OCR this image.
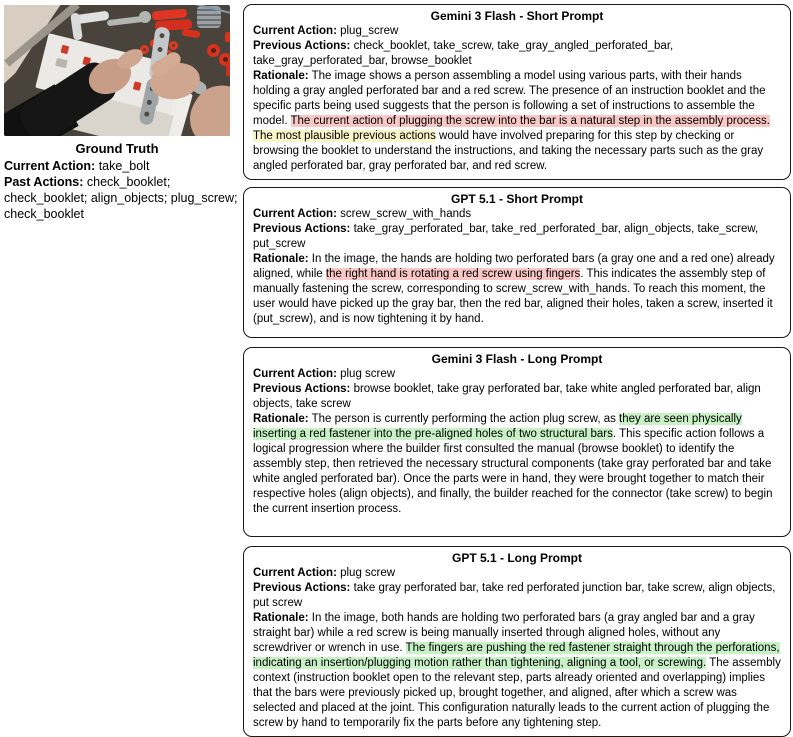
Ground Truth
Current Action: take_bolt
Past Actions: check_booklet; check_booklet; align_objects; plug_screw; check_booklet
Gemini 3 Flash - Short Prompt
Current Action: plug_screw
Previous Actions: check_booklet, take_screw, take_gray_angled_perforated_bar, take_gray_perforated_bar, browse_booklet
Rationale: The image shows a person assembling a model using various parts, with their hands holding a gray angled perforated bar and a red screw. The presence of an instruction booklet and the specific parts being used suggests that the person is following a set of instructions to assemble the model. The current action of plugging the screw into the bar is a natural step in the assembly process. The most plausible previous actions would have involved preparing for this step by checking or browsing the booklet to understand the instructions, and taking the necessary parts such as the gray angled perforated bar, gray perforated bar, and red screw.
GPT 5.1 - Short Prompt
Current Action: screw_screw_with_hands
Previous Actions: take_gray_perforated_bar, take_red_perforated_bar, align_objects, take_screw, put_screw
Rationale: In the image, the hands are holding two perforated bars (a gray one and a red one) already aligned, while the right hand is rotating a red screw using fingers. This indicates the assembly step of manually fastening the screw, corresponding to screw_screw_with_hands. To reach this moment, the user would have picked up the gray bar, then the red bar, aligned their holes, taken a screw, inserted it (put_screw), and is now tightening it by hand.
Gemini 3 Flash - Long Prompt
Current Action: plug screw
Previous Actions: browse booklet, take gray perforated bar, take white angled perforated bar, align objects, take screw
Rationale: The person is currently performing the action plug screw, as they are seen physically inserting a red fastener into the pre-aligned holes of two structural bars. This specific action follows a logical progression where the builder first consulted the manual (browse booklet) to identify the assembly step, then retrieved the necessary structural components (take gray perforated bar and take white angled perforated bar). Once the parts were in hand, they were brought together to match their respective holes (align objects), and finally, the builder reached for the connector (take screw) to begin the current insertion process.
GPT 5.1 - Long Prompt
Current Action: plug screw
Previous Actions: take gray perforated bar, take red perforated junction bar, take screw, align objects, put screw
Rationale: In the image, both hands are holding two perforated bars (a gray angled bar and a gray straight bar) while a red screw is being manually inserted through aligned holes, without any screwdriver or wrench in use. The fingers are pushing the red fastener straight through the perforations, indicating an insertion/plugging motion rather than tightening, aligning a tool, or screwing. The assembly context (instruction booklet open to the relevant step, parts already oriented and overlapping) implies that the bars were previously picked up, brought together, and aligned, after which a screw was selected and placed at the joint. This configuration naturally leads to the current action of plugging the screw by hand to temporarily fix the parts before any tightening step.
